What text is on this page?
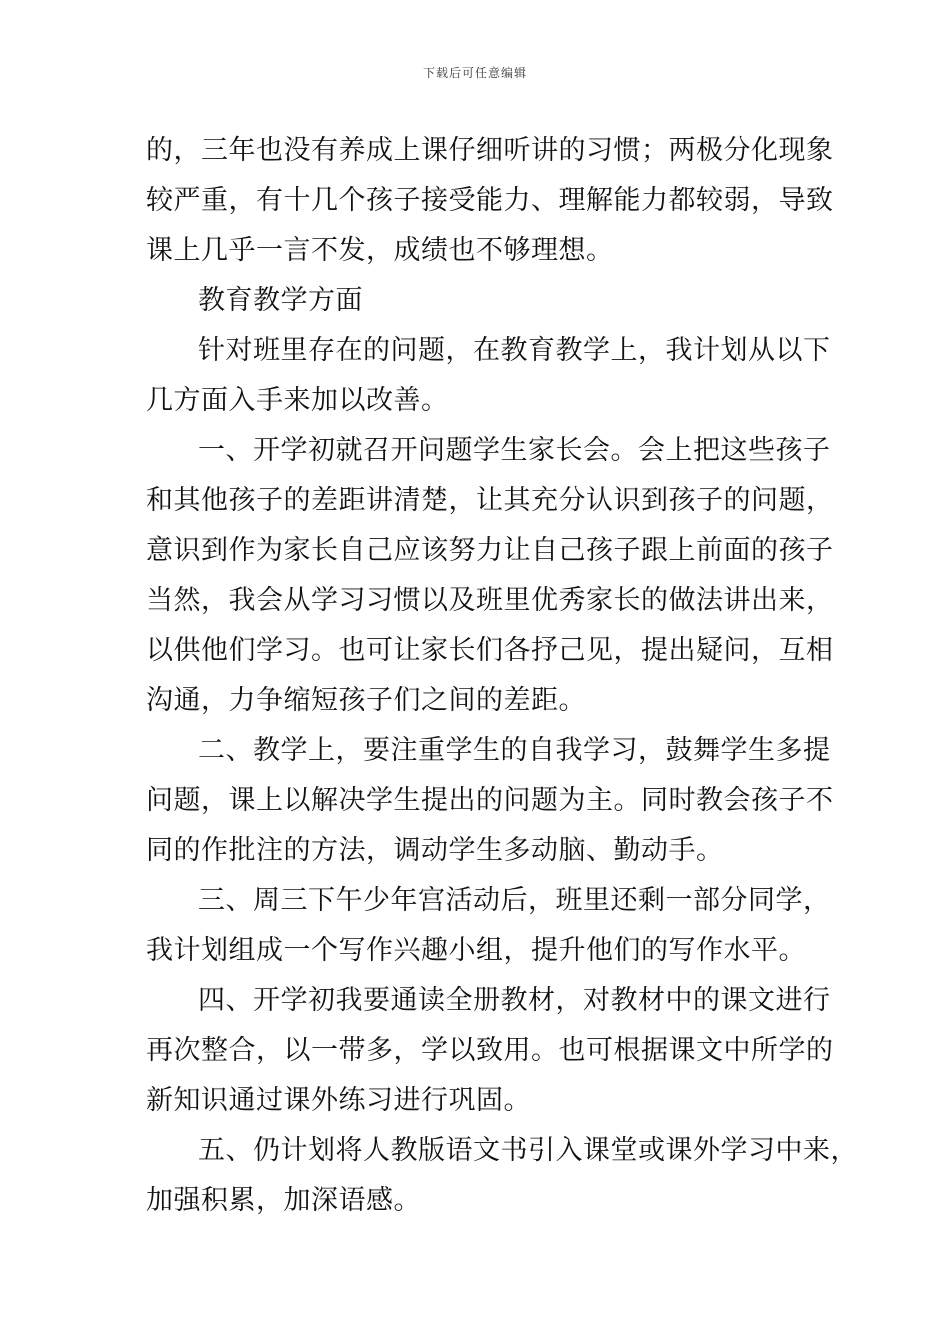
下载后可任意编辑
的，三年也没有养成上课仔细听讲的习惯；两极分化现象
较严重，有十几个孩子接受能力、理解能力都较弱，导致
课上几乎一言不发，成绩也不够理想。
教育教学方面
针对班里存在的问题，在教育教学上，我计划从以下
几方面入手来加以改善。
一、开学初就召开问题学生家长会。会上把这些孩子
和其他孩子的差距讲清楚，让其充分认识到孩子的问题，
意识到作为家长自己应该努力让自己孩子跟上前面的孩子
当然，我会从学习习惯以及班里优秀家长的做法讲出来，
以供他们学习。也可让家长们各抒己见，提出疑问，互相
沟通，力争缩短孩子们之间的差距。
二、教学上，要注重学生的自我学习，鼓舞学生多提
问题，课上以解决学生提出的问题为主。同时教会孩子不
同的作批注的方法，调动学生多动脑、勤动手。
三、周三下午少年宫活动后，班里还剩一部分同学，
我计划组成一个写作兴趣小组，提升他们的写作水平。
四、开学初我要通读全册教材，对教材中的课文进行
再次整合，以一带多，学以致用。也可根据课文中所学的
新知识通过课外练习进行巩固。
五、仍计划将人教版语文书引入课堂或课外学习中来，
加强积累，加深语感。
